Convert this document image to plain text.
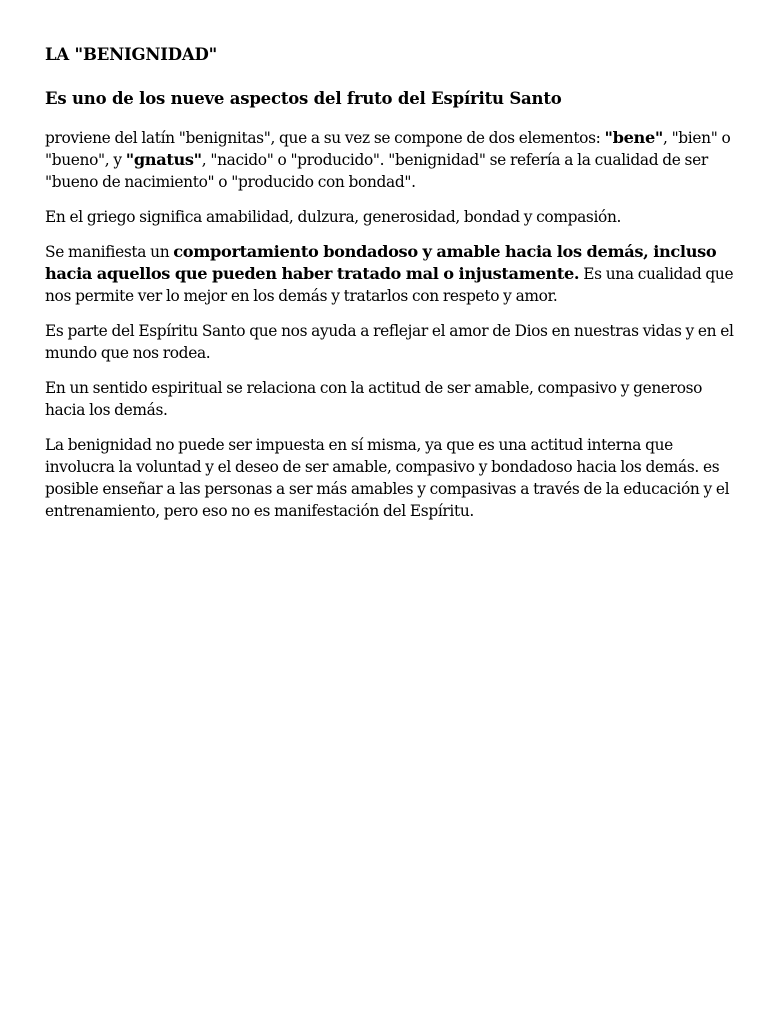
LA "BENIGNIDAD"
Es uno de los nueve aspectos del fruto del Espíritu Santo

proviene del latín "benignitas", que a su vez se compone de dos elementos: "bene", "bien" o "bueno", y "gnatus", "nacido" o "producido". "benignidad" se refería a la cualidad de ser "bueno de nacimiento" o "producido con bondad".

En el griego significa amabilidad, dulzura, generosidad, bondad y compasión.

Se manifiesta un comportamiento bondadoso y amable hacia los demás, incluso hacia aquellos que pueden haber tratado mal o injustamente. Es una cualidad que nos permite ver lo mejor en los demás y tratarlos con respeto y amor.

Es parte del Espíritu Santo que nos ayuda a reflejar el amor de Dios en nuestras vidas y en el mundo que nos rodea.

En un sentido espiritual se relaciona con la actitud de ser amable, compasivo y generoso hacia los demás.

La benignidad no puede ser impuesta en sí misma, ya que es una actitud interna que involucra la voluntad y el deseo de ser amable, compasivo y bondadoso hacia los demás. es posible enseñar a las personas a ser más amables y compasivas a través de la educación y el entrenamiento, pero eso no es manifestación del Espíritu.
